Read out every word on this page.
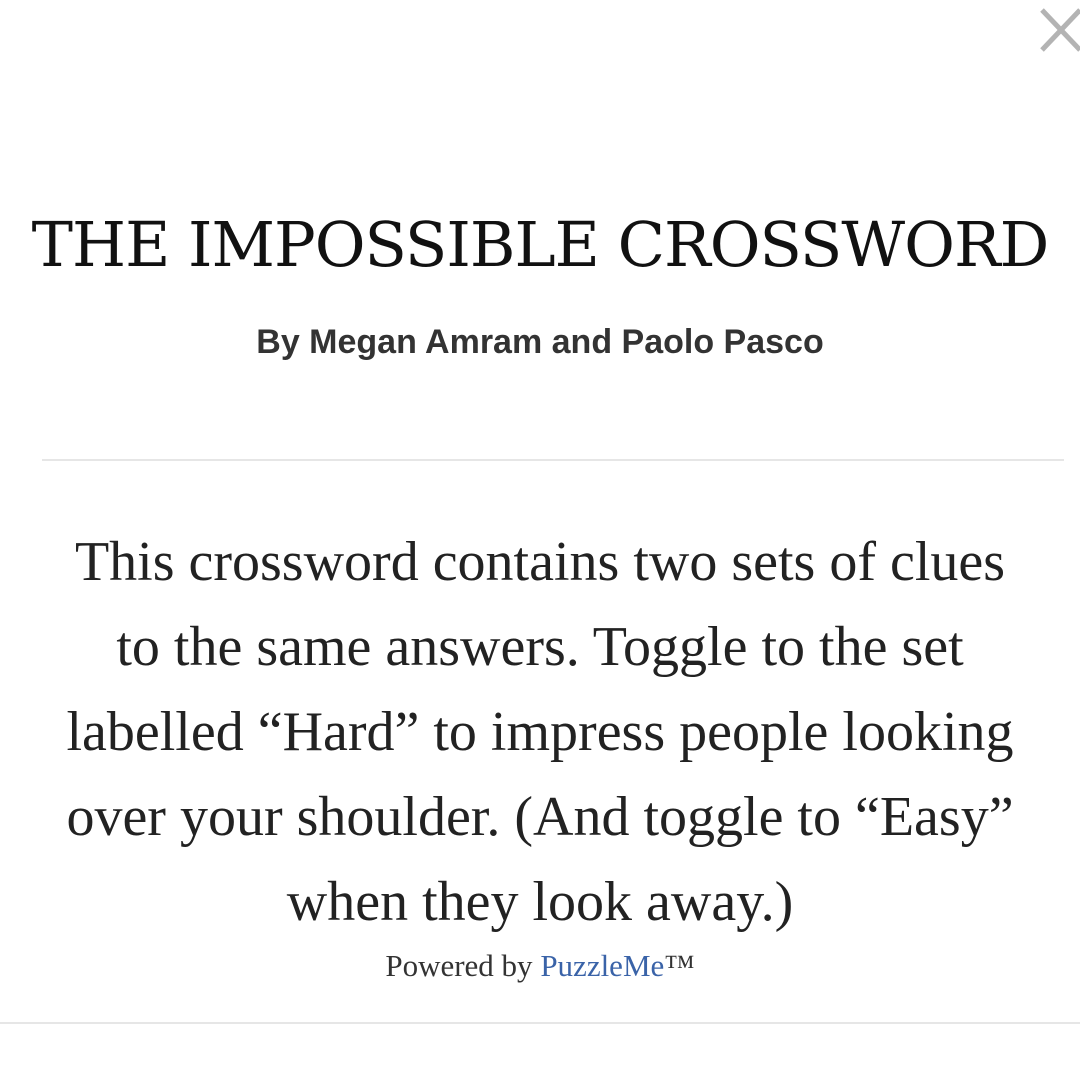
THE IMPOSSIBLE CROSSWORD
By Megan Amram and Paolo Pasco

This crossword contains two sets of clues
to the same answers. Toggle to the set
labelled “Hard” to impress people looking
over your shoulder. (And toggle to “Easy”
when they look away.)

Powered by PuzzleMe™
